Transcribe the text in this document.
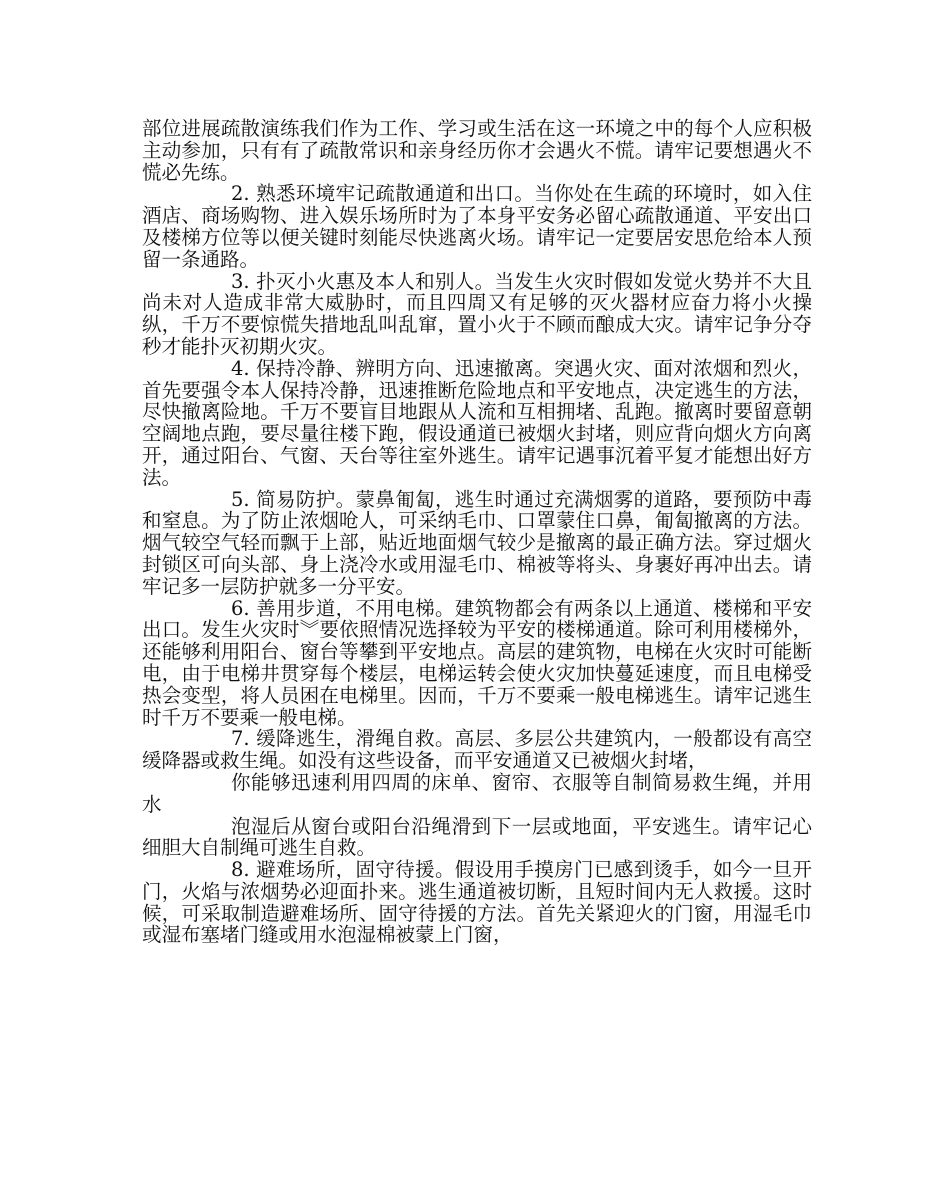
部位进展疏散演练我们作为工作、学习或生活在这一环境之中的每个人应积极主动参加，只有有了疏散常识和亲身经历你才会遇火不慌。请牢记要想遇火不慌必先练。

2. 熟悉环境牢记疏散通道和出口。当你处在生疏的环境时，如入住酒店、商场购物、进入娱乐场所时为了本身平安务必留心疏散通道、平安出口及楼梯方位等以便关键时刻能尽快逃离火场。请牢记一定要居安思危给本人预留一条通路。

3. 扑灭小火惠及本人和别人。当发生火灾时假如发觉火势并不大且尚未对人造成非常大威胁时，而且四周又有足够的灭火器材应奋力将小火操纵，千万不要惊慌失措地乱叫乱窜，置小火于不顾而酿成大灾。请牢记争分夺秒才能扑灭初期火灾。

4. 保持冷静、辨明方向、迅速撤离。突遇火灾、面对浓烟和烈火，首先要强令本人保持冷静，迅速推断危险地点和平安地点，决定逃生的方法，尽快撤离险地。千万不要盲目地跟从人流和互相拥堵、乱跑。撤离时要留意朝空阔地点跑，要尽量往楼下跑，假设通道已被烟火封堵，则应背向烟火方向离开，通过阳台、气窗、天台等往室外逃生。请牢记遇事沉着平复才能想出好方法。

5. 简易防护。蒙鼻匍匐，逃生时通过充满烟雾的道路，要预防中毒和窒息。为了防止浓烟呛人，可采纳毛巾、口罩蒙住口鼻，匍匐撤离的方法。烟气较空气轻而飘于上部，贴近地面烟气较少是撤离的最正确方法。穿过烟火封锁区可向头部、身上浇冷水或用湿毛巾、棉被等将头、身裹好再冲出去。请牢记多一层防护就多一分平安。

6. 善用步道，不用电梯。建筑物都会有两条以上通道、楼梯和平安出口。发生火灾时︾要依照情况选择较为平安的楼梯通道。除可利用楼梯外，还能够利用阳台、窗台等攀到平安地点。高层的建筑物，电梯在火灾时可能断电，由于电梯井贯穿每个楼层，电梯运转会使火灾加快蔓延速度，而且电梯受热会变型，将人员困在电梯里。因而，千万不要乘一般电梯逃生。请牢记逃生时千万不要乘一般电梯。

7. 缓降逃生，滑绳自救。高层、多层公共建筑内，一般都设有高空缓降器或救生绳。如没有这些设备，而平安通道又已被烟火封堵，

你能够迅速利用四周的床单、窗帘、衣服等自制简易救生绳，并用水

泡湿后从窗台或阳台沿绳滑到下一层或地面，平安逃生。请牢记心细胆大自制绳可逃生自救。

8. 避难场所，固守待援。假设用手摸房门已感到烫手，如今一旦开门，火焰与浓烟势必迎面扑来。逃生通道被切断，且短时间内无人救援。这时候，可采取制造避难场所、固守待援的方法。首先关紧迎火的门窗，用湿毛巾或湿布塞堵门缝或用水泡湿棉被蒙上门窗，
